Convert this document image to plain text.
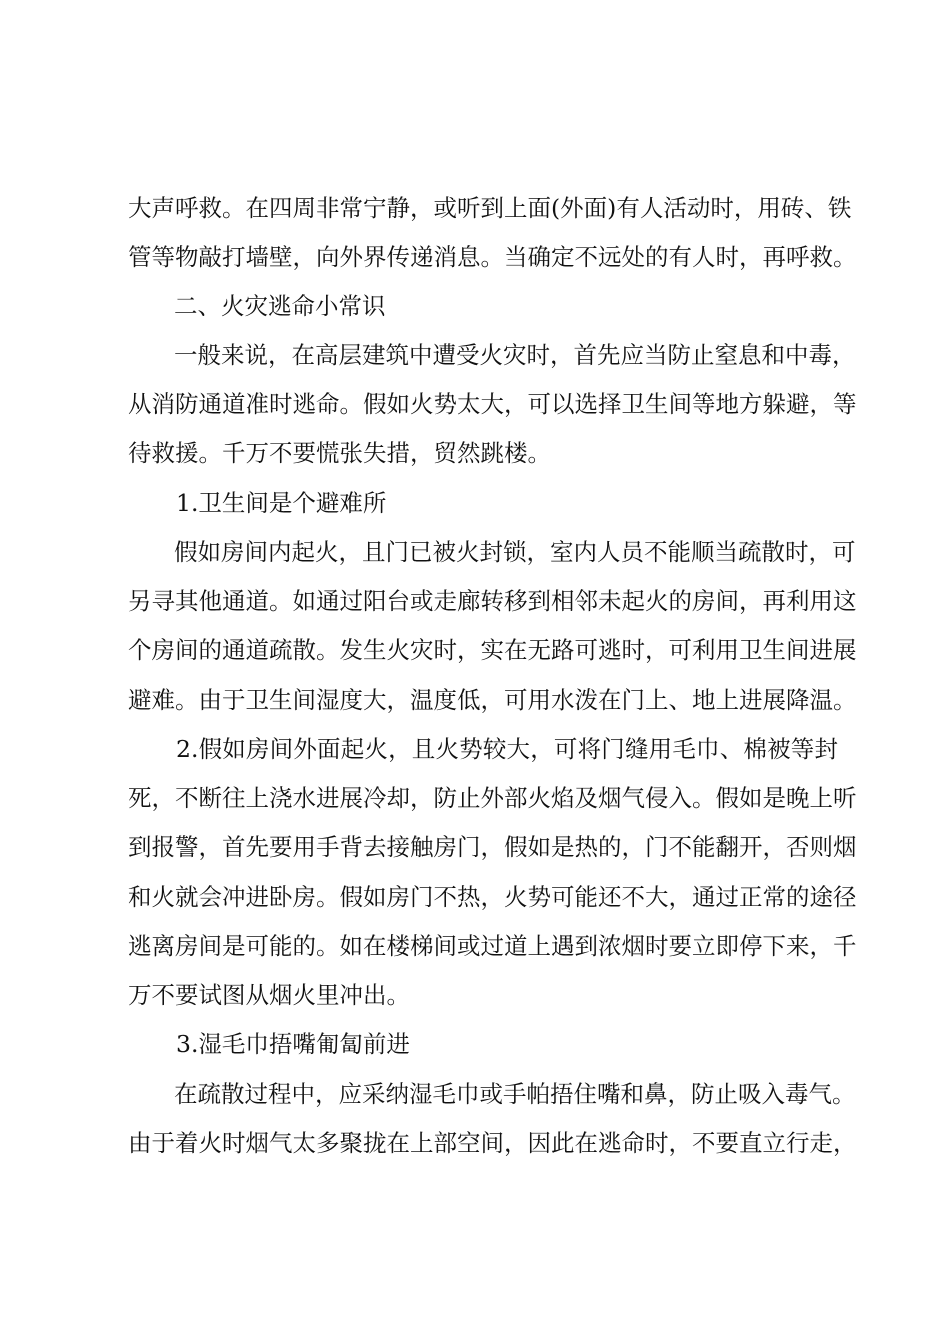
大声呼救。在四周非常宁静，或听到上面(外面)有人活动时，用砖、铁
管等物敲打墙壁，向外界传递消息。当确定不远处的有人时，再呼救。
二、火灾逃命小常识
一般来说，在高层建筑中遭受火灾时，首先应当防止窒息和中毒，
从消防通道准时逃命。假如火势太大，可以选择卫生间等地方躲避，等
待救援。千万不要慌张失措，贸然跳楼。
1.卫生间是个避难所
假如房间内起火，且门已被火封锁，室内人员不能顺当疏散时，可
另寻其他通道。如通过阳台或走廊转移到相邻未起火的房间，再利用这
个房间的通道疏散。发生火灾时，实在无路可逃时，可利用卫生间进展
避难。由于卫生间湿度大，温度低，可用水泼在门上、地上进展降温。
2.假如房间外面起火，且火势较大，可将门缝用毛巾、棉被等封
死，不断往上浇水进展冷却，防止外部火焰及烟气侵入。假如是晚上听
到报警，首先要用手背去接触房门，假如是热的，门不能翻开，否则烟
和火就会冲进卧房。假如房门不热，火势可能还不大，通过正常的途径
逃离房间是可能的。如在楼梯间或过道上遇到浓烟时要立即停下来，千
万不要试图从烟火里冲出。
3.湿毛巾捂嘴匍匐前进
在疏散过程中，应采纳湿毛巾或手帕捂住嘴和鼻，防止吸入毒气。
由于着火时烟气太多聚拢在上部空间，因此在逃命时，不要直立行走，
